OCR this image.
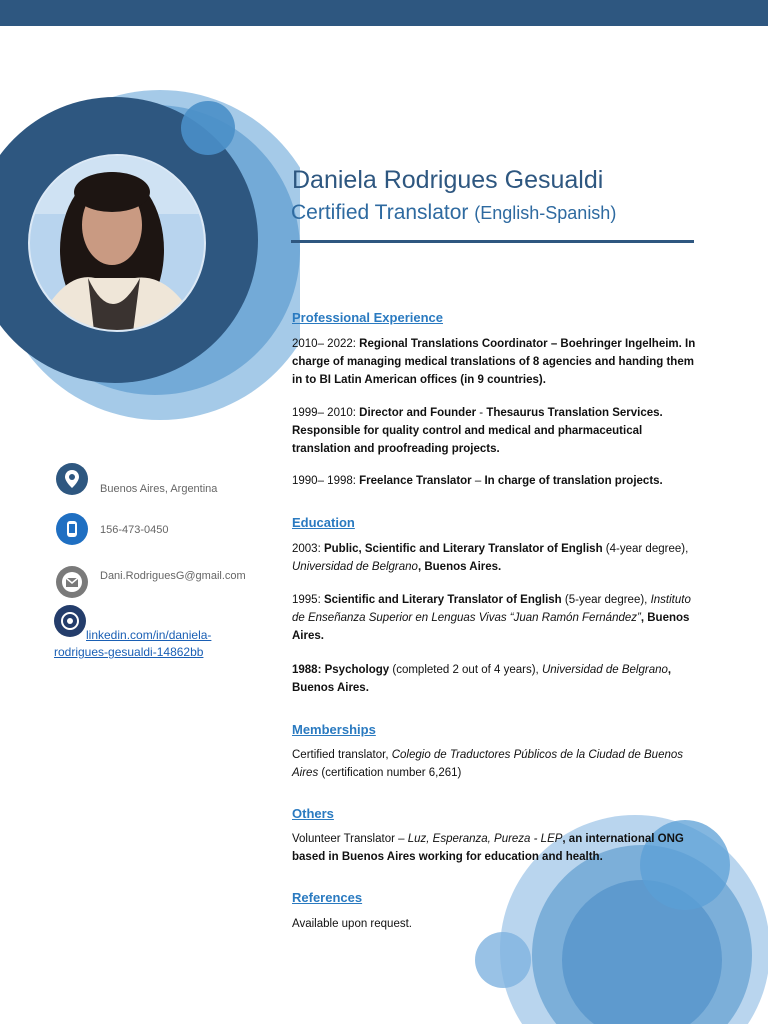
Daniela Rodrigues Gesualdi
Certified Translator (English-Spanish)
Buenos Aires, Argentina
156-473-0450
Dani.RodriguesG@gmail.com
linkedin.com/in/daniela-
rodrigues-gesualdi-14862bb
Professional Experience
2010– 2022: Regional Translations Coordinator – Boehringer Ingelheim. In charge of managing medical translations of 8 agencies and handing them in to BI Latin American offices (in 9 countries).
1999– 2010: Director and Founder - Thesaurus Translation Services. Responsible for quality control and medical and pharmaceutical translation and proofreading projects.
1990– 1998: Freelance Translator – In charge of translation projects.
Education
2003: Public, Scientific and Literary Translator of English (4-year degree), Universidad de Belgrano, Buenos Aires.
1995: Scientific and Literary Translator of English (5-year degree), Instituto de Enseñanza Superior en Lenguas Vivas “Juan Ramón Fernández”, Buenos Aires.
1988: Psychology (completed 2 out of 4 years), Universidad de Belgrano, Buenos Aires.
Memberships
Certified translator, Colegio de Traductores Públicos de la Ciudad de Buenos Aires (certification number 6,261)
Others
Volunteer Translator – Luz, Esperanza, Pureza - LEP, an international ONG based in Buenos Aires working for education and health.
References
Available upon request.
